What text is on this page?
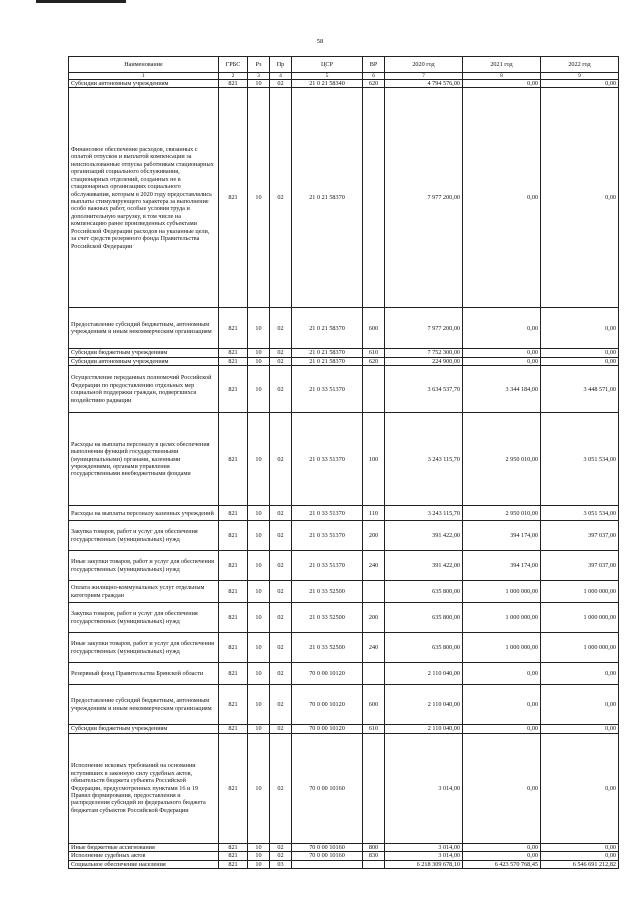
58
Наименование	ГРБС	Рз	Пр	ЦСР	ВР	2020 год	2021 год	2022 год
1	2	3	4	5	6	7	8	9
Субсидии автономным учреждениям	821	10	02	21 0 21 58340	620	4 794 576,00	0,00	0,00
Финансовое обеспечение расходов, связанных с оплатой отпусков и выплатой компенсации за неиспользованные отпуска работникам стационарных организаций социального обслуживания, стационарных отделений, созданных не в стационарных организациях социального обслуживания, которым в 2020 году предоставлялись выплаты стимулирующего характера за выполнение особо важных работ, особые условия труда и дополнительную нагрузку, в том числе на компенсацию ранее произведенных субъектами Российской Федерации расходов на указанные цели, за счет средств резервного фонда Правительства Российской Федерации	821	10	02	21 0 21 58370		7 977 200,00	0,00	0,00
Предоставление субсидий бюджетным, автономным учреждениям и иным некоммерческим организациям	821	10	02	21 0 21 58370	600	7 977 200,00	0,00	0,00
Субсидии бюджетным учреждениям	821	10	02	21 0 21 58370	610	7 752 300,00	0,00	0,00
Субсидии автономным учреждениям	821	10	02	21 0 21 58370	620	224 900,00	0,00	0,00
Осуществление переданных полномочий Российской Федерации по предоставлению отдельных мер социальной поддержки граждан, подвергшихся воздействию радиации	821	10	02	21 0 33 51370		3 634 537,70	3 344 184,00	3 448 571,00
Расходы на выплаты персоналу в целях обеспечения выполнения функций государственными (муниципальными) органами, казенными учреждениями, органами управления государственными внебюджетными фондами	821	10	02	21 0 33 51370	100	3 243 115,70	2 950 010,00	3 051 534,00
Расходы на выплаты персоналу казенных учреждений	821	10	02	21 0 33 51370	110	3 243 115,70	2 950 010,00	3 051 534,00
Закупка товаров, работ и услуг для обеспечения государственных (муниципальных) нужд	821	10	02	21 0 33 51370	200	391 422,00	394 174,00	397 037,00
Иные закупки товаров, работ и услуг для обеспечения государственных (муниципальных) нужд	821	10	02	21 0 33 51370	240	391 422,00	394 174,00	397 037,00
Оплата жилищно-коммунальных услуг отдельным категориям граждан	821	10	02	21 0 33 52500		635 800,00	1 000 000,00	1 000 000,00
Закупка товаров, работ и услуг для обеспечения государственных (муниципальных) нужд	821	10	02	21 0 33 52500	200	635 800,00	1 000 000,00	1 000 000,00
Иные закупки товаров, работ и услуг для обеспечения государственных (муниципальных) нужд	821	10	02	21 0 33 52500	240	635 800,00	1 000 000,00	1 000 000,00
Резервный фонд Правительства Брянской области	821	10	02	70 0 00 10120		2 110 040,00	0,00	0,00
Предоставление субсидий бюджетным, автономным учреждениям и иным некоммерческим организациям	821	10	02	70 0 00 10120	600	2 110 040,00	0,00	0,00
Субсидии бюджетным учреждениям	821	10	02	70 0 00 10120	610	2 110 040,00	0,00	0,00
Исполнение исковых требований на основании вступивших в законную силу судебных актов, обязательств бюджета субъекта Российской Федерации, предусмотренных пунктами 16 и 19 Правил формирования, предоставления и распределения субсидий из федерального бюджета бюджетам субъектов Российской Федерации	821	10	02	70 0 00 10160		3 014,00	0,00	0,00
Иные бюджетные ассигнования	821	10	02	70 0 00 10160	800	3 014,00	0,00	0,00
Исполнение судебных актов	821	10	02	70 0 00 10160	830	3 014,00	0,00	0,00
Социальное обеспечение населения	821	10	03			6 218 309 678,10	6 423 570 768,45	6 546 691 212,82
